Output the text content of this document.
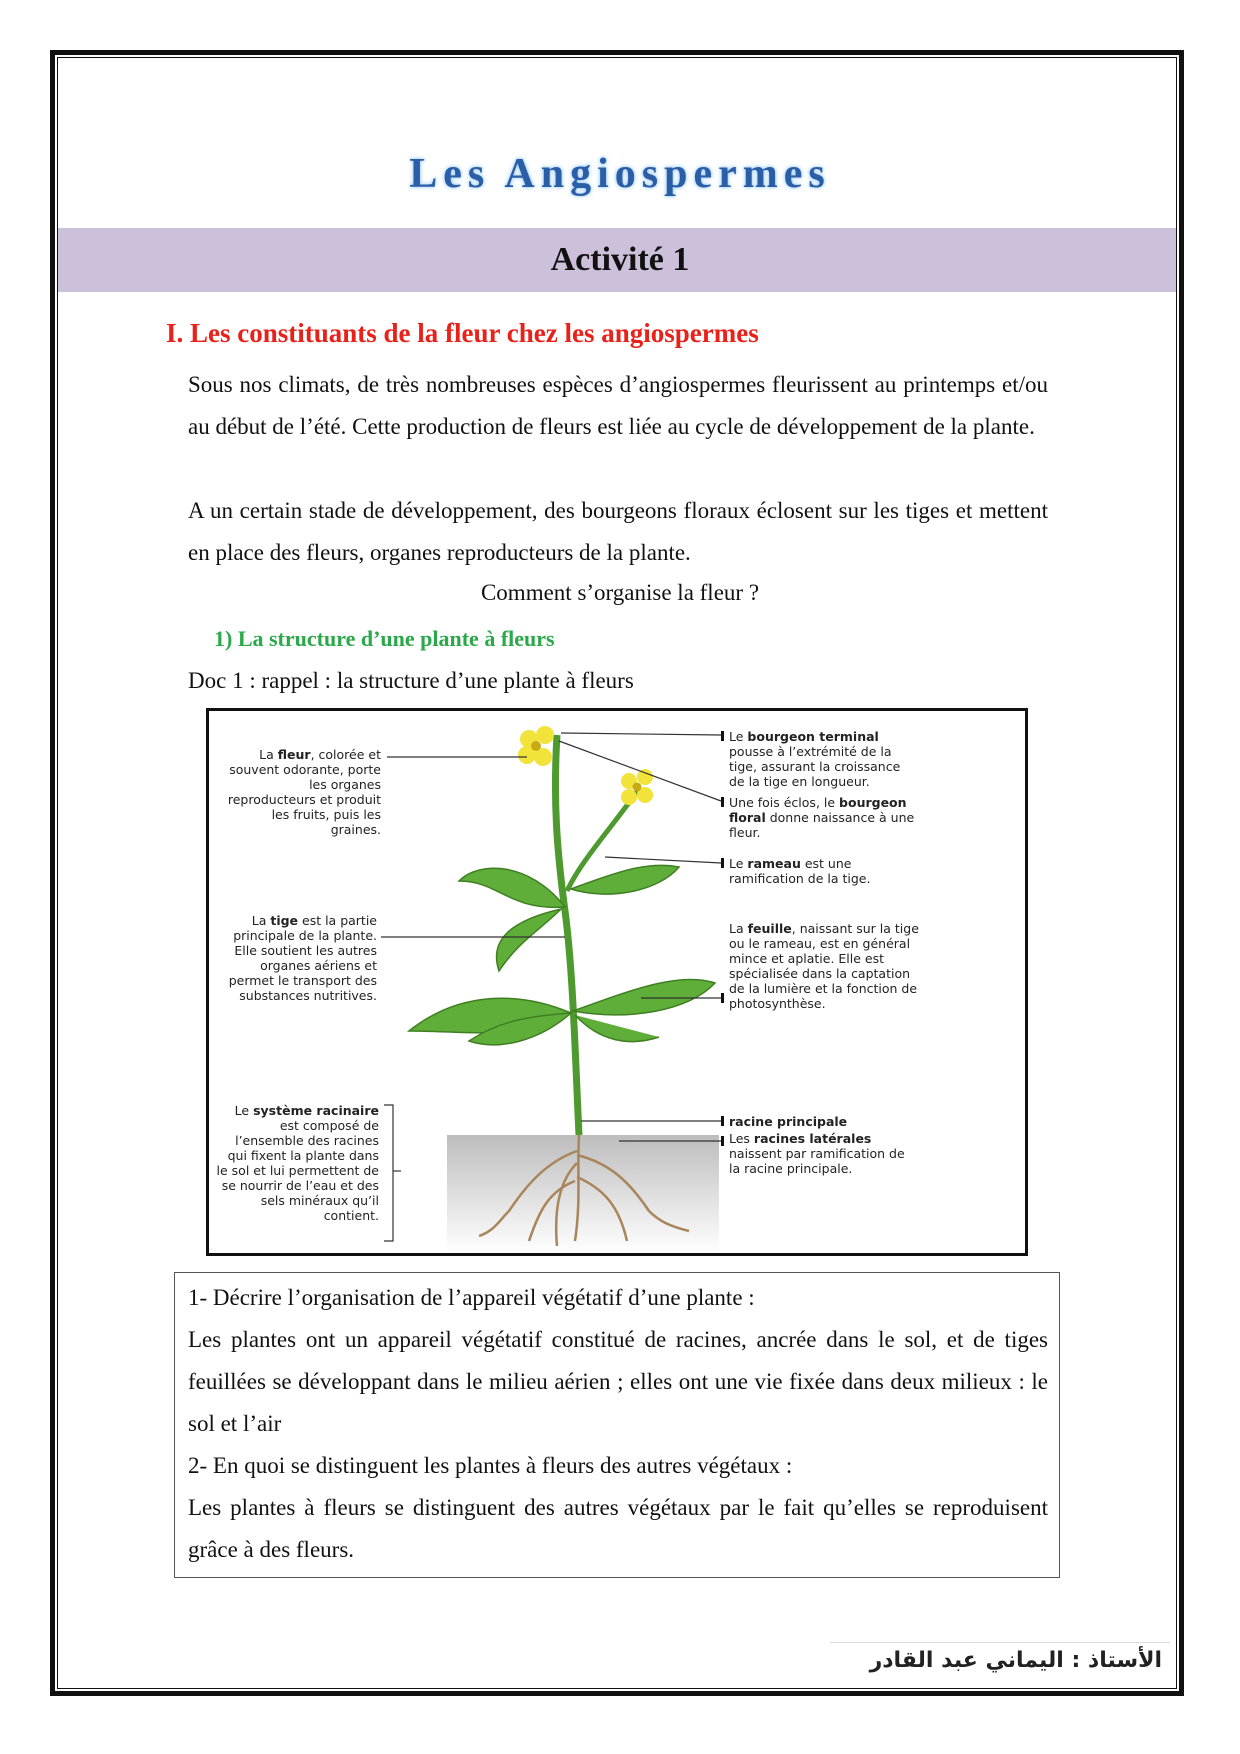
Les Angiospermes
Activité 1
I. Les constituants de la fleur chez les angiospermes
Sous nos climats, de très nombreuses espèces d’angiospermes fleurissent au printemps et/ou au début de l’été. Cette production de fleurs est liée au cycle de développement de la plante.
A un certain stade de développement, des bourgeons floraux éclosent sur les tiges et mettent en place des fleurs, organes reproducteurs de la plante.
Comment s’organise la fleur ?
1) La structure d’une plante à fleurs
Doc 1 : rappel : la structure d’une plante à fleurs
La fleur, colorée et souvent odorante, porte les organes reproducteurs et produit les fruits, puis les graines.
La tige est la partie principale de la plante. Elle soutient les autres organes aériens et permet le transport des substances nutritives.
Le système racinaire est composé de l’ensemble des racines qui fixent la plante dans le sol et lui permettent de se nourrir de l’eau et des sels minéraux qu’il contient.
Le bourgeon terminal pousse à l’extrémité de la tige, assurant la croissance de la tige en longueur.
Une fois éclos, le bourgeon floral donne naissance à une fleur.
Le rameau est une ramification de la tige.
La feuille, naissant sur la tige ou le rameau, est en général mince et aplatie. Elle est spécialisée dans la captation de la lumière et la fonction de photosynthèse.
racine principale
Les racines latérales naissent par ramification de la racine principale.
1- Décrire l’organisation de l’appareil végétatif d’une plante :
Les plantes ont un appareil végétatif constitué de racines, ancrée dans le sol, et de tiges feuillées se développant dans le milieu aérien ; elles ont une vie fixée dans deux milieux : le sol et l’air
2- En quoi se distinguent les plantes à fleurs des autres végétaux :
Les plantes à fleurs se distinguent des autres végétaux par le fait qu’elles se reproduisent grâce à des fleurs.
الأستاذ : اليماني عبد القادر
